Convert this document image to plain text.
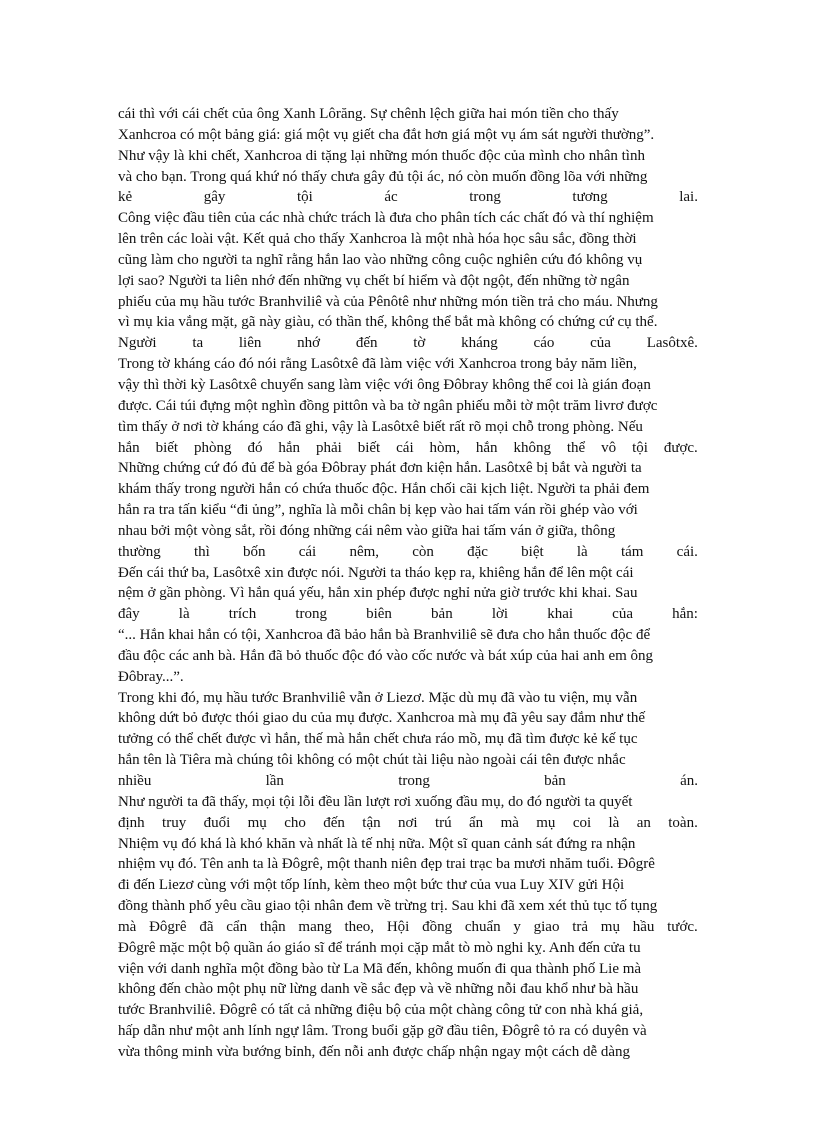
cái thì với cái chết của ông Xanh Lôrăng. Sự chênh lệch giữa hai món tiền cho thấy
Xanhcroa có một bảng giá: giá một vụ giết cha đắt hơn giá một vụ ám sát người thường”.
Như vậy là khi chết, Xanhcroa di tặng lại những món thuốc độc của mình cho nhân tình
và cho bạn. Trong quá khứ nó thấy chưa gây đủ tội ác, nó còn muốn đồng lõa với những
kẻ	gây	tội	ác	trong	tương	lai.
Công việc đầu tiên của các nhà chức trách là đưa cho phân tích các chất đó và thí nghiệm
lên trên các loài vật. Kết quả cho thấy Xanhcroa là một nhà hóa học sâu sắc, đồng thời
cũng làm cho người ta nghĩ rằng hắn lao vào những công cuộc nghiên cứu đó không vụ
lợi sao? Người ta liên nhớ đến những vụ chết bí hiểm và đột ngột, đến những tờ ngân
phiếu của mụ hầu tước Branhviliê và của Pênôtê như những món tiền trả cho máu. Nhưng
vì mụ kia vắng mặt, gã này giàu, có thần thế, không thể bắt mà không có chứng cứ cụ thể.
Người ta liên nhớ đến tờ kháng cáo của Lasôtxê.
Trong tờ kháng cáo đó nói rằng Lasôtxê đã làm việc với Xanhcroa trong bảy năm liền,
vậy thì thời kỳ Lasôtxê chuyển sang làm việc với ông Đôbray không thể coi là gián đoạn
được. Cái túi đựng một nghìn đồng pittôn và ba tờ ngân phiếu mỗi tờ một trăm livrơ được
tìm thấy ở nơi tờ kháng cáo đã ghi, vậy là Lasôtxê biết rất rõ mọi chỗ trong phòng. Nếu
hắn biết phòng đó hắn phải biết cái hòm, hắn không thể vô tội được.
Những chứng cứ đó đủ để bà góa Đôbray phát đơn kiện hắn. Lasôtxê bị bắt và người ta
khám thấy trong người hắn có chứa thuốc độc. Hắn chối cãi kịch liệt. Người ta phải đem
hắn ra tra tấn kiểu “đi ủng”, nghĩa là mỗi chân bị kẹp vào hai tấm ván rồi ghép vào với
nhau bởi một vòng sắt, rồi đóng những cái nêm vào giữa hai tấm ván ở giữa, thông
thường thì bốn cái nêm, còn đặc biệt là tám cái.
Đến cái thứ ba, Lasôtxê xin được nói. Người ta tháo kẹp ra, khiêng hắn để lên một cái
nệm ở gần phòng. Vì hắn quá yếu, hắn xin phép được nghỉ nửa giờ trước khi khai. Sau
đây	là	trích	trong	biên	bản	lời	khai	của	hắn:
“... Hắn khai hắn có tội, Xanhcroa đã bảo hắn bà Branhviliê sẽ đưa cho hắn thuốc độc để
đầu độc các anh bà. Hắn đã bỏ thuốc độc đó vào cốc nước và bát xúp của hai anh em ông
Đôbray...”.
Trong khi đó, mụ hầu tước Branhviliê vẫn ở Liezơ. Mặc dù mụ đã vào tu viện, mụ vẫn
không dứt bỏ được thói giao du của mụ được. Xanhcroa mà mụ đã yêu say đắm như thế
tưởng có thể chết được vì hắn, thế mà hắn chết chưa ráo mồ, mụ đã tìm được kẻ kế tục
hắn tên là Tiêra mà chúng tôi không có một chút tài liệu nào ngoài cái tên được nhắc
nhiều	lần	trong	bản	án.
Như người ta đã thấy, mọi tội lỗi đều lần lượt rơi xuống đầu mụ, do đó người ta quyết
định truy đuổi mụ cho đến tận nơi trú ẩn mà mụ coi là an toàn.
Nhiệm vụ đó khá là khó khăn và nhất là tế nhị nữa. Một sĩ quan cảnh sát đứng ra nhận
nhiệm vụ đó. Tên anh ta là Đôgrê, một thanh niên đẹp trai trạc ba mươi nhăm tuổi. Đôgrê
đi đến Liezơ cùng với một tốp lính, kèm theo một bức thư của vua Luy XIV gửi Hội
đồng thành phố yêu cầu giao tội nhân đem về trừng trị. Sau khi đã xem xét thủ tục tố tụng
mà Đôgrê đã cẩn thận mang theo, Hội đồng chuẩn y giao trả mụ hầu tước.
Đôgrê mặc một bộ quần áo giáo sĩ để tránh mọi cặp mắt tò mò nghi kỵ. Anh đến cửa tu
viện với danh nghĩa một đồng bào từ La Mã đến, không muốn đi qua thành phố Lie mà
không đến chào một phụ nữ lừng danh về sắc đẹp và về những nỗi đau khổ như bà hầu
tước Branhviliê. Đôgrê có tất cả những điệu bộ của một chàng công tử con nhà khá giả,
hấp dẫn như một anh lính ngự lâm. Trong buổi gặp gỡ đầu tiên, Đôgrê tỏ ra có duyên và
vừa thông minh vừa bướng bỉnh, đến nỗi anh được chấp nhận ngay một cách dễ dàng
